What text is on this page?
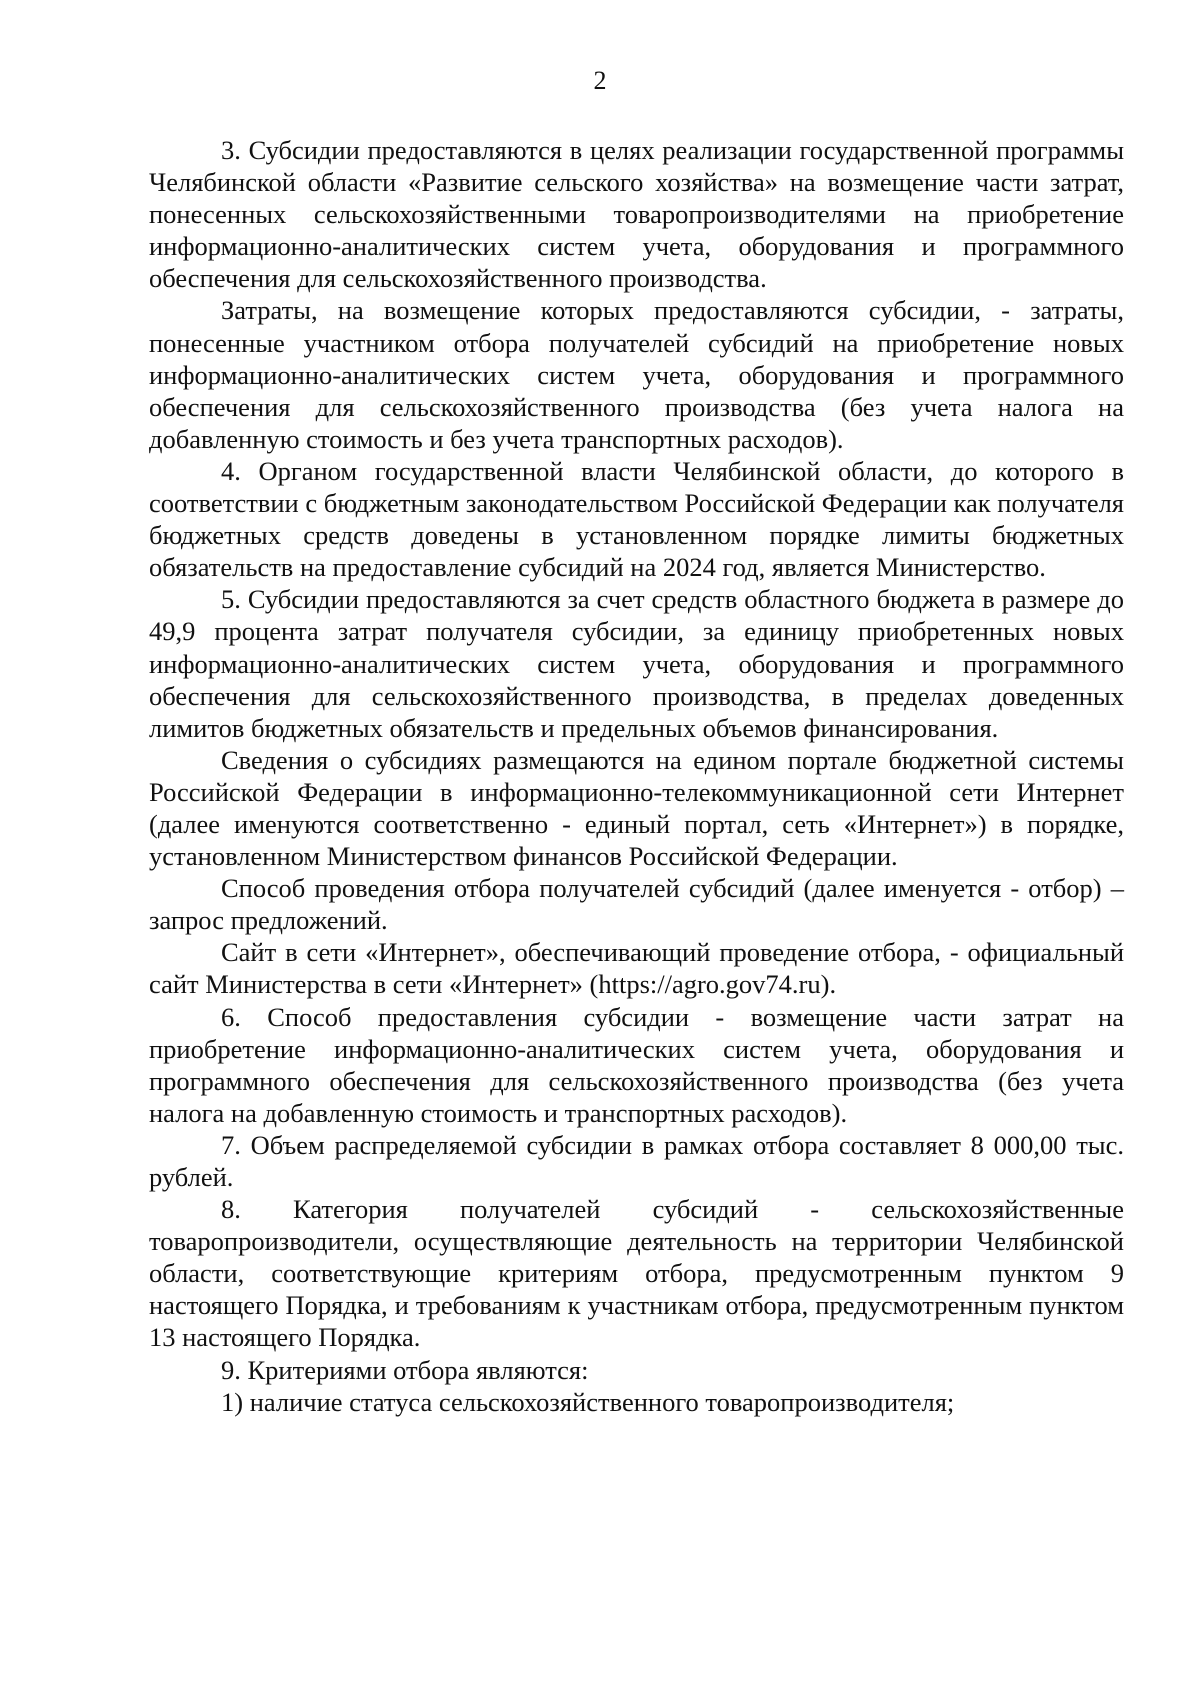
2

3. Субсидии предоставляются в целях реализации государственной программы Челябинской области «Развитие сельского хозяйства» на возмещение части затрат, понесенных сельскохозяйственными товаропроизводителями на приобретение информационно-аналитических систем учета, оборудования и программного обеспечения для сельскохозяйственного производства.

Затраты, на возмещение которых предоставляются субсидии, - затраты, понесенные участником отбора получателей субсидий на приобретение новых информационно-аналитических систем учета, оборудования и программного обеспечения для сельскохозяйственного производства (без учета налога на добавленную стоимость и без учета транспортных расходов).

4. Органом государственной власти Челябинской области, до которого в соответствии с бюджетным законодательством Российской Федерации как получателя бюджетных средств доведены в установленном порядке лимиты бюджетных обязательств на предоставление субсидий на 2024 год, является Министерство.

5. Субсидии предоставляются за счет средств областного бюджета в размере до 49,9 процента затрат получателя субсидии, за единицу приобретенных новых информационно-аналитических систем учета, оборудования и программного обеспечения для сельскохозяйственного производства, в пределах доведенных лимитов бюджетных обязательств и предельных объемов финансирования.

Сведения о субсидиях размещаются на едином портале бюджетной системы Российской Федерации в информационно-телекоммуникационной сети Интернет (далее именуются соответственно - единый портал, сеть «Интернет») в порядке, установленном Министерством финансов Российской Федерации.

Способ проведения отбора получателей субсидий (далее именуется - отбор) – запрос предложений.

Сайт в сети «Интернет», обеспечивающий проведение отбора, - официальный сайт Министерства в сети «Интернет» (https://agro.gov74.ru).

6. Способ предоставления субсидии - возмещение части затрат на приобретение информационно-аналитических систем учета, оборудования и программного обеспечения для сельскохозяйственного производства (без учета налога на добавленную стоимость и транспортных расходов).

7. Объем распределяемой субсидии в рамках отбора составляет 8 000,00 тыс. рублей.

8. Категория получателей субсидий - сельскохозяйственные товаропроизводители, осуществляющие деятельность на территории Челябинской области, соответствующие критериям отбора, предусмотренным пунктом 9 настоящего Порядка, и требованиям к участникам отбора, предусмотренным пунктом 13 настоящего Порядка.

9. Критериями отбора являются:

1) наличие статуса сельскохозяйственного товаропроизводителя;
